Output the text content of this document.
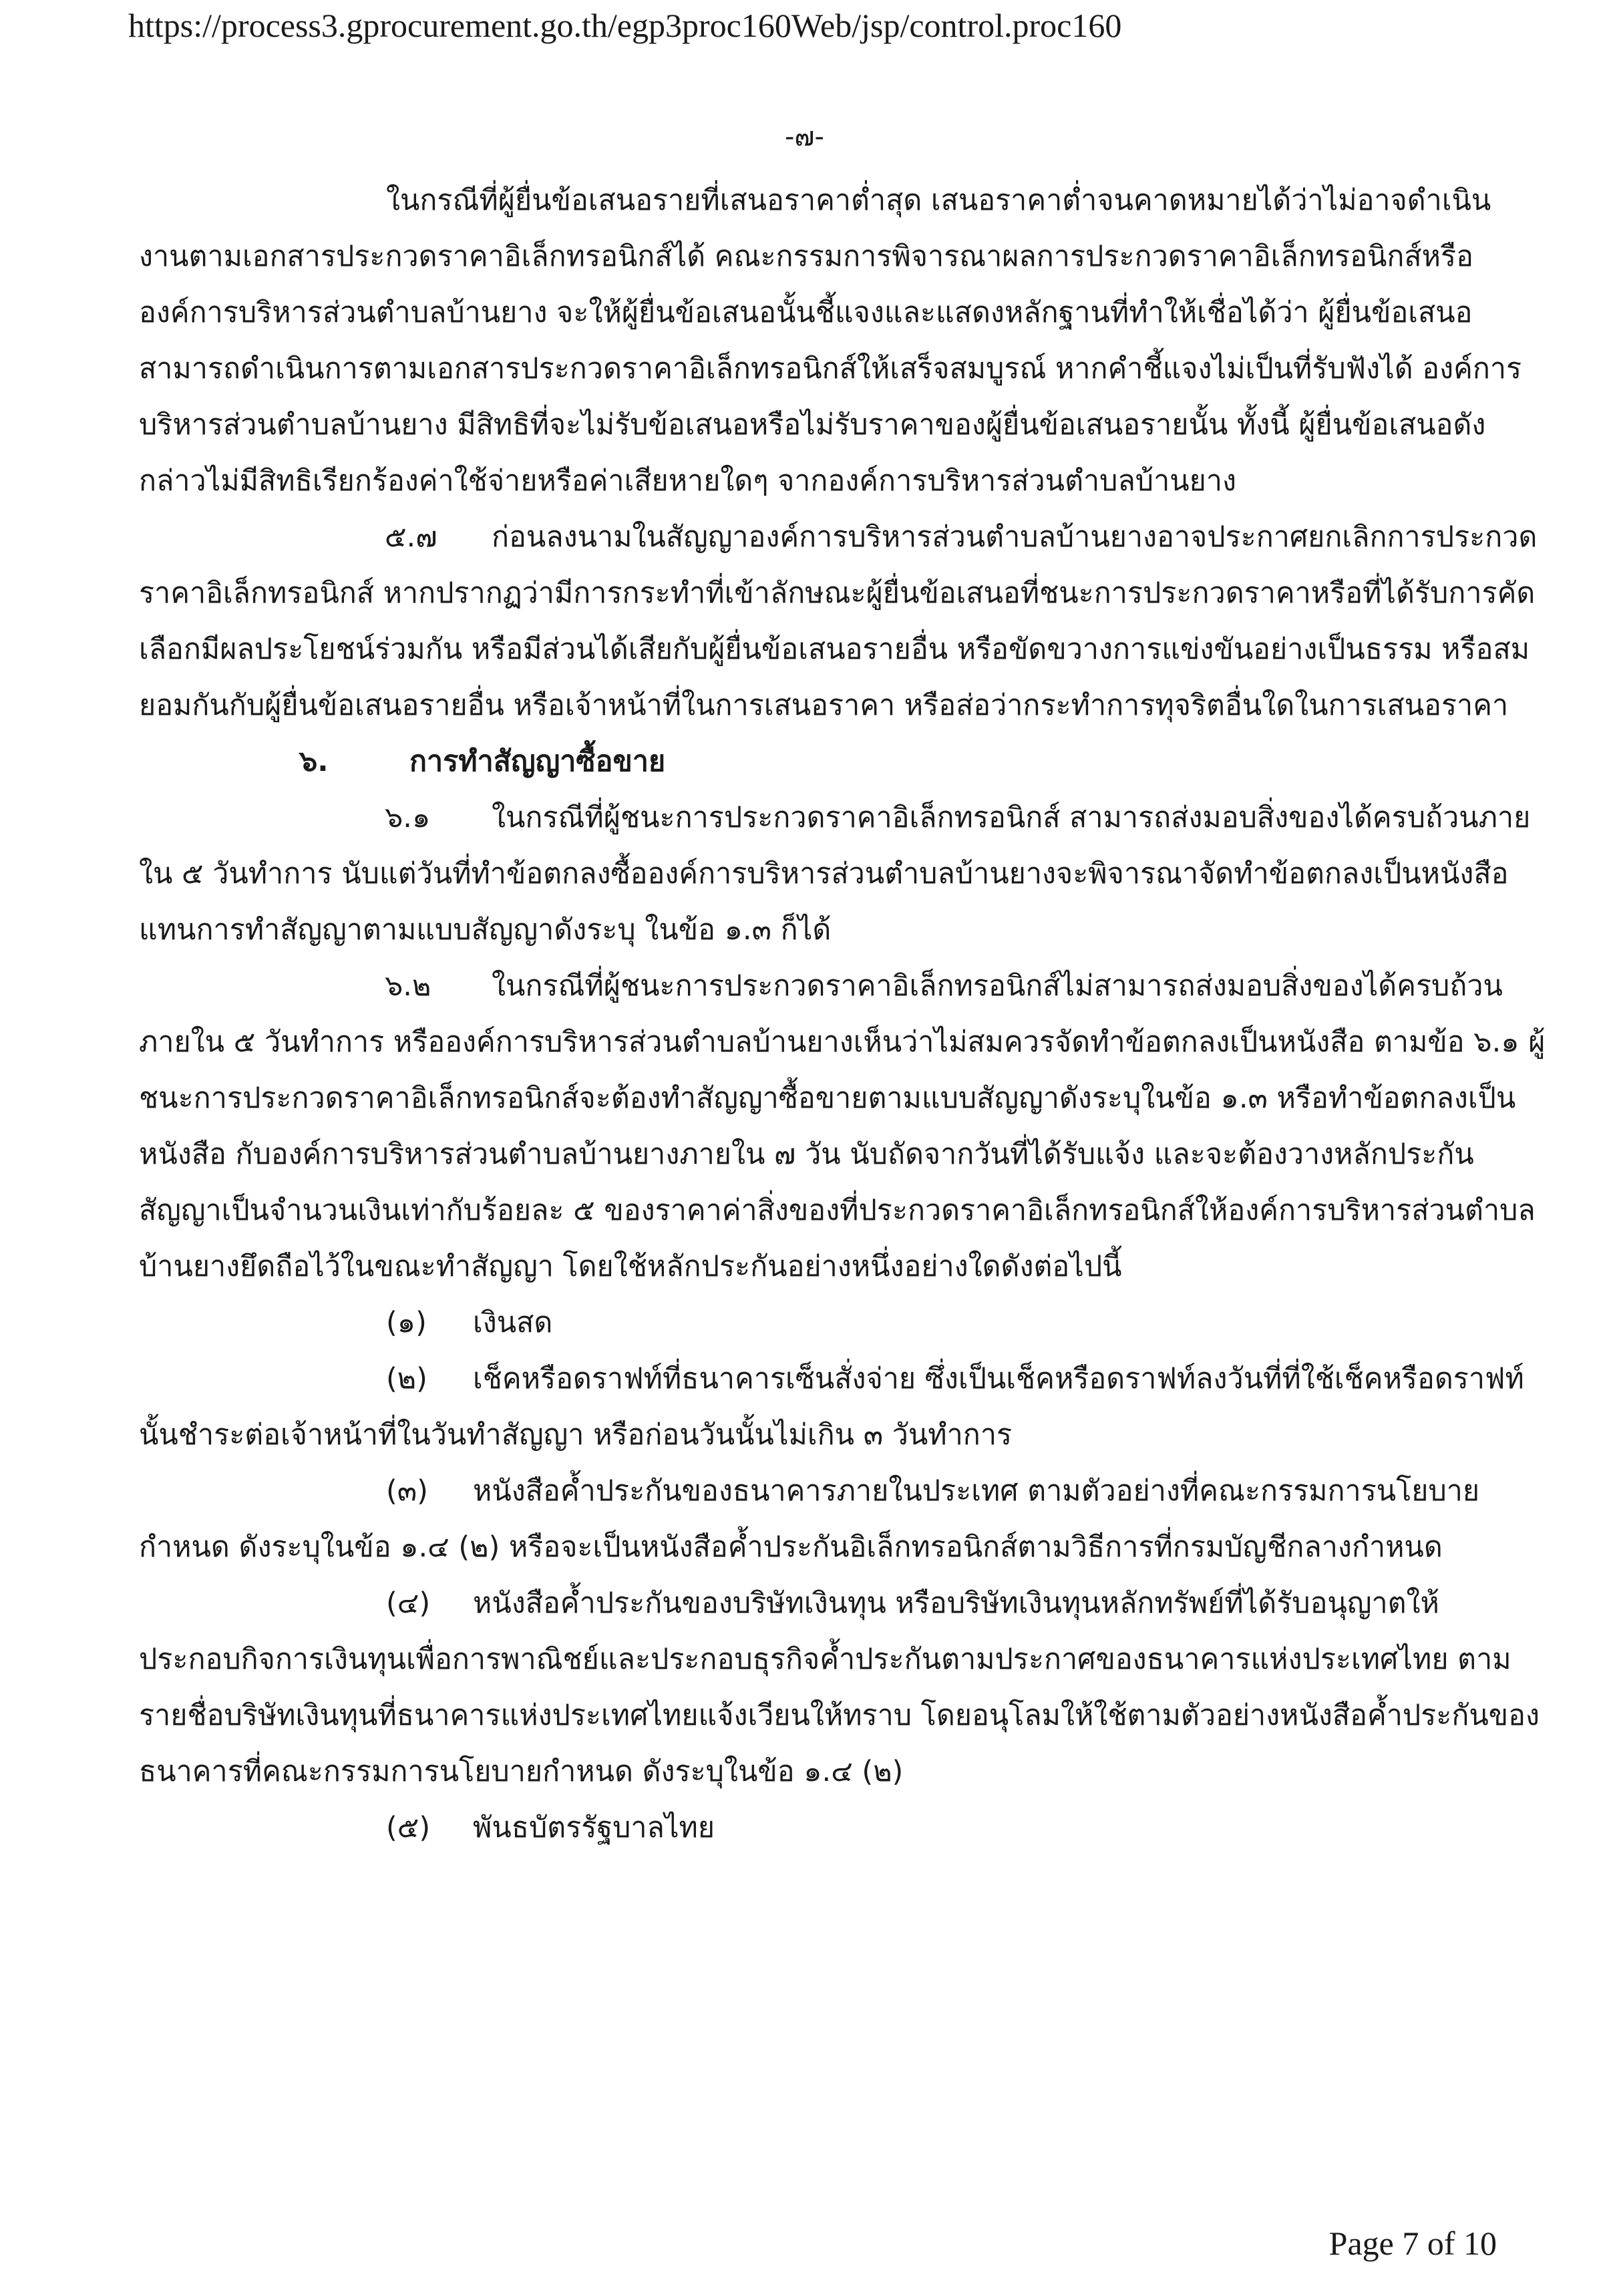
https://process3.gprocurement.go.th/egp3proc160Web/jsp/control.proc160
-๗-
ในกรณีที่ผู้ยื่นข้อเสนอรายที่เสนอราคาต่ำสุด เสนอราคาต่ำจนคาดหมายได้ว่าไม่อาจดำเนิน
งานตามเอกสารประกวดราคาอิเล็กทรอนิกส์ได้ คณะกรรมการพิจารณาผลการประกวดราคาอิเล็กทรอนิกส์หรือ
องค์การบริหารส่วนตำบลบ้านยาง จะให้ผู้ยื่นข้อเสนอนั้นชี้แจงและแสดงหลักฐานที่ทำให้เชื่อได้ว่า ผู้ยื่นข้อเสนอ
สามารถดำเนินการตามเอกสารประกวดราคาอิเล็กทรอนิกส์ให้เสร็จสมบูรณ์ หากคำชี้แจงไม่เป็นที่รับฟังได้ องค์การ
บริหารส่วนตำบลบ้านยาง มีสิทธิที่จะไม่รับข้อเสนอหรือไม่รับราคาของผู้ยื่นข้อเสนอรายนั้น ทั้งนี้ ผู้ยื่นข้อเสนอดัง
กล่าวไม่มีสิทธิเรียกร้องค่าใช้จ่ายหรือค่าเสียหายใดๆ จากองค์การบริหารส่วนตำบลบ้านยาง
๕.๗	ก่อนลงนามในสัญญาองค์การบริหารส่วนตำบลบ้านยางอาจประกาศยกเลิกการประกวด
ราคาอิเล็กทรอนิกส์ หากปรากฏว่ามีการกระทำที่เข้าลักษณะผู้ยื่นข้อเสนอที่ชนะการประกวดราคาหรือที่ได้รับการคัด
เลือกมีผลประโยชน์ร่วมกัน หรือมีส่วนได้เสียกับผู้ยื่นข้อเสนอรายอื่น หรือขัดขวางการแข่งขันอย่างเป็นธรรม หรือสม
ยอมกันกับผู้ยื่นข้อเสนอรายอื่น หรือเจ้าหน้าที่ในการเสนอราคา หรือส่อว่ากระทำการทุจริตอื่นใดในการเสนอราคา
๖.	การทำสัญญาซื้อขาย
๖.๑	ในกรณีที่ผู้ชนะการประกวดราคาอิเล็กทรอนิกส์ สามารถส่งมอบสิ่งของได้ครบถ้วนภาย
ใน ๕ วันทำการ นับแต่วันที่ทำข้อตกลงซื้อองค์การบริหารส่วนตำบลบ้านยางจะพิจารณาจัดทำข้อตกลงเป็นหนังสือ
แทนการทำสัญญาตามแบบสัญญาดังระบุ ในข้อ ๑.๓ ก็ได้
๖.๒	ในกรณีที่ผู้ชนะการประกวดราคาอิเล็กทรอนิกส์ไม่สามารถส่งมอบสิ่งของได้ครบถ้วน
ภายใน ๕ วันทำการ หรือองค์การบริหารส่วนตำบลบ้านยางเห็นว่าไม่สมควรจัดทำข้อตกลงเป็นหนังสือ ตามข้อ ๖.๑ ผู้
ชนะการประกวดราคาอิเล็กทรอนิกส์จะต้องทำสัญญาซื้อขายตามแบบสัญญาดังระบุในข้อ ๑.๓ หรือทำข้อตกลงเป็น
หนังสือ กับองค์การบริหารส่วนตำบลบ้านยางภายใน ๗ วัน นับถัดจากวันที่ได้รับแจ้ง และจะต้องวางหลักประกัน
สัญญาเป็นจำนวนเงินเท่ากับร้อยละ ๕ ของราคาค่าสิ่งของที่ประกวดราคาอิเล็กทรอนิกส์ให้องค์การบริหารส่วนตำบล
บ้านยางยึดถือไว้ในขณะทำสัญญา โดยใช้หลักประกันอย่างหนึ่งอย่างใดดังต่อไปนี้
(๑)	เงินสด
(๒)	เช็คหรือดราฟท์ที่ธนาคารเซ็นสั่งจ่าย ซึ่งเป็นเช็คหรือดราฟท์ลงวันที่ที่ใช้เช็คหรือดราฟท์
นั้นชำระต่อเจ้าหน้าที่ในวันทำสัญญา หรือก่อนวันนั้นไม่เกิน ๓ วันทำการ
(๓)	หนังสือค้ำประกันของธนาคารภายในประเทศ ตามตัวอย่างที่คณะกรรมการนโยบาย
กำหนด ดังระบุในข้อ ๑.๔ (๒) หรือจะเป็นหนังสือค้ำประกันอิเล็กทรอนิกส์ตามวิธีการที่กรมบัญชีกลางกำหนด
(๔)	หนังสือค้ำประกันของบริษัทเงินทุน หรือบริษัทเงินทุนหลักทรัพย์ที่ได้รับอนุญาตให้
ประกอบกิจการเงินทุนเพื่อการพาณิชย์และประกอบธุรกิจค้ำประกันตามประกาศของธนาคารแห่งประเทศไทย ตาม
รายชื่อบริษัทเงินทุนที่ธนาคารแห่งประเทศไทยแจ้งเวียนให้ทราบ โดยอนุโลมให้ใช้ตามตัวอย่างหนังสือค้ำประกันของ
ธนาคารที่คณะกรรมการนโยบายกำหนด ดังระบุในข้อ ๑.๔ (๒)
(๕)	พันธบัตรรัฐบาลไทย
Page 7 of 10
